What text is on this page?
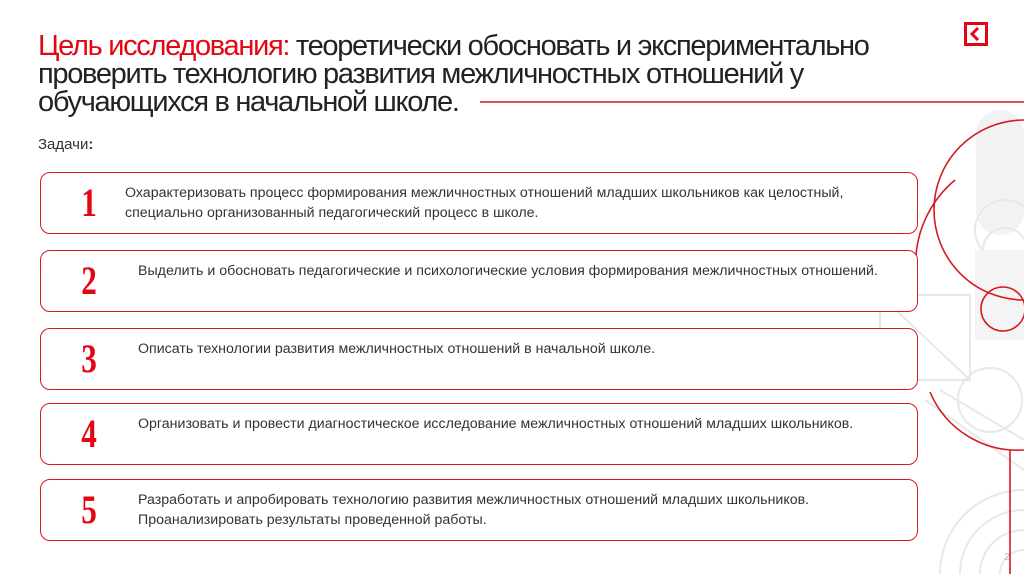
Цель исследования: теоретически обосновать и экспериментально проверить технологию развития межличностных отношений у обучающихся в начальной школе.
Задачи:
1	Охарактеризовать процесс формирования межличностных отношений младших школьников как целостный, специально организованный педагогический процесс в школе.
2	Выделить и обосновать педагогические и психологические условия формирования межличностных отношений.
3	Описать технологии развития межличностных отношений в начальной школе.
4	Организовать и провести диагностическое исследование межличностных отношений младших школьников.
5	Разработать и апробировать технологию развития межличностных отношений младших школьников. Проанализировать результаты проведенной работы.
2
